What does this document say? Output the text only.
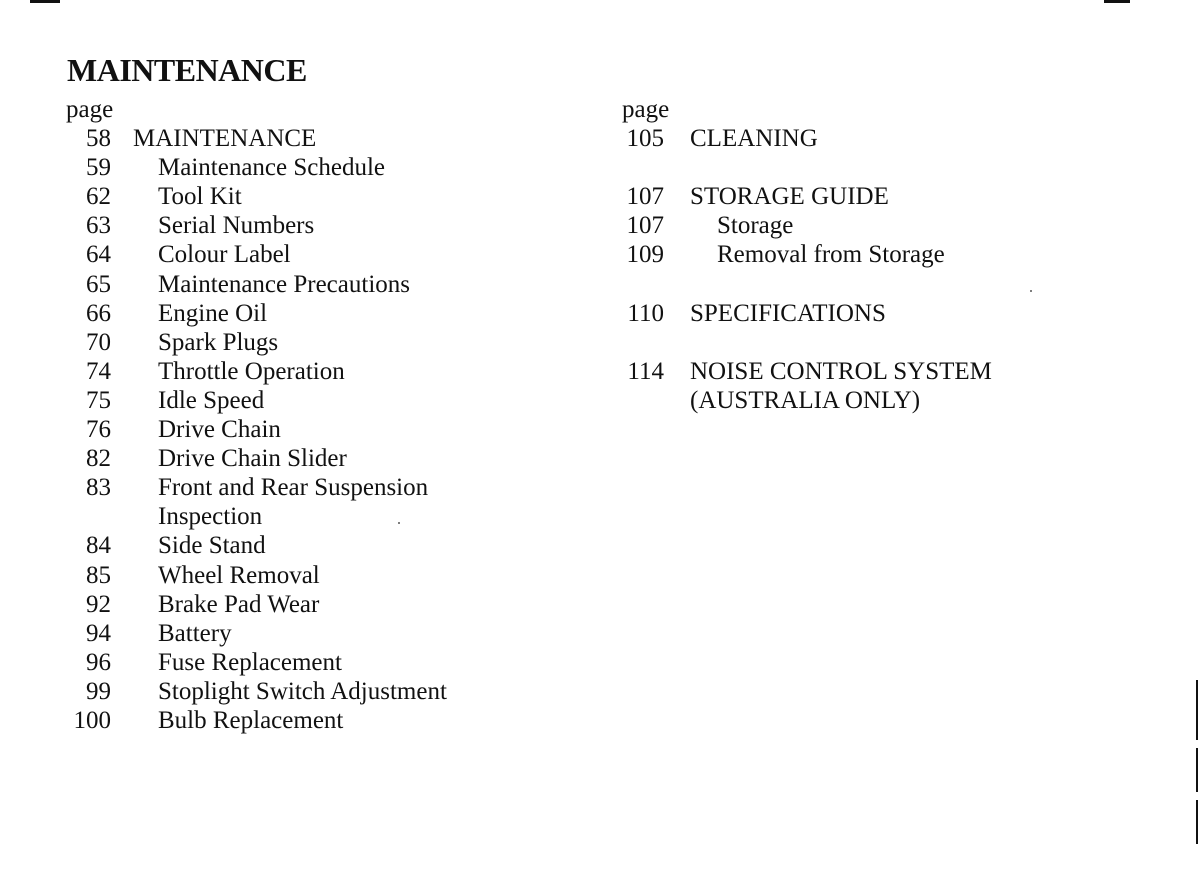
MAINTENANCE
page
58 MAINTENANCE
59 Maintenance Schedule
62 Tool Kit
63 Serial Numbers
64 Colour Label
65 Maintenance Precautions
66 Engine Oil
70 Spark Plugs
74 Throttle Operation
75 Idle Speed
76 Drive Chain
82 Drive Chain Slider
83 Front and Rear Suspension
Inspection
84 Side Stand
85 Wheel Removal
92 Brake Pad Wear
94 Battery
96 Fuse Replacement
99 Stoplight Switch Adjustment
100 Bulb Replacement
page
105 CLEANING
107 STORAGE GUIDE
107 Storage
109 Removal from Storage
110 SPECIFICATIONS
114 NOISE CONTROL SYSTEM
(AUSTRALIA ONLY)
